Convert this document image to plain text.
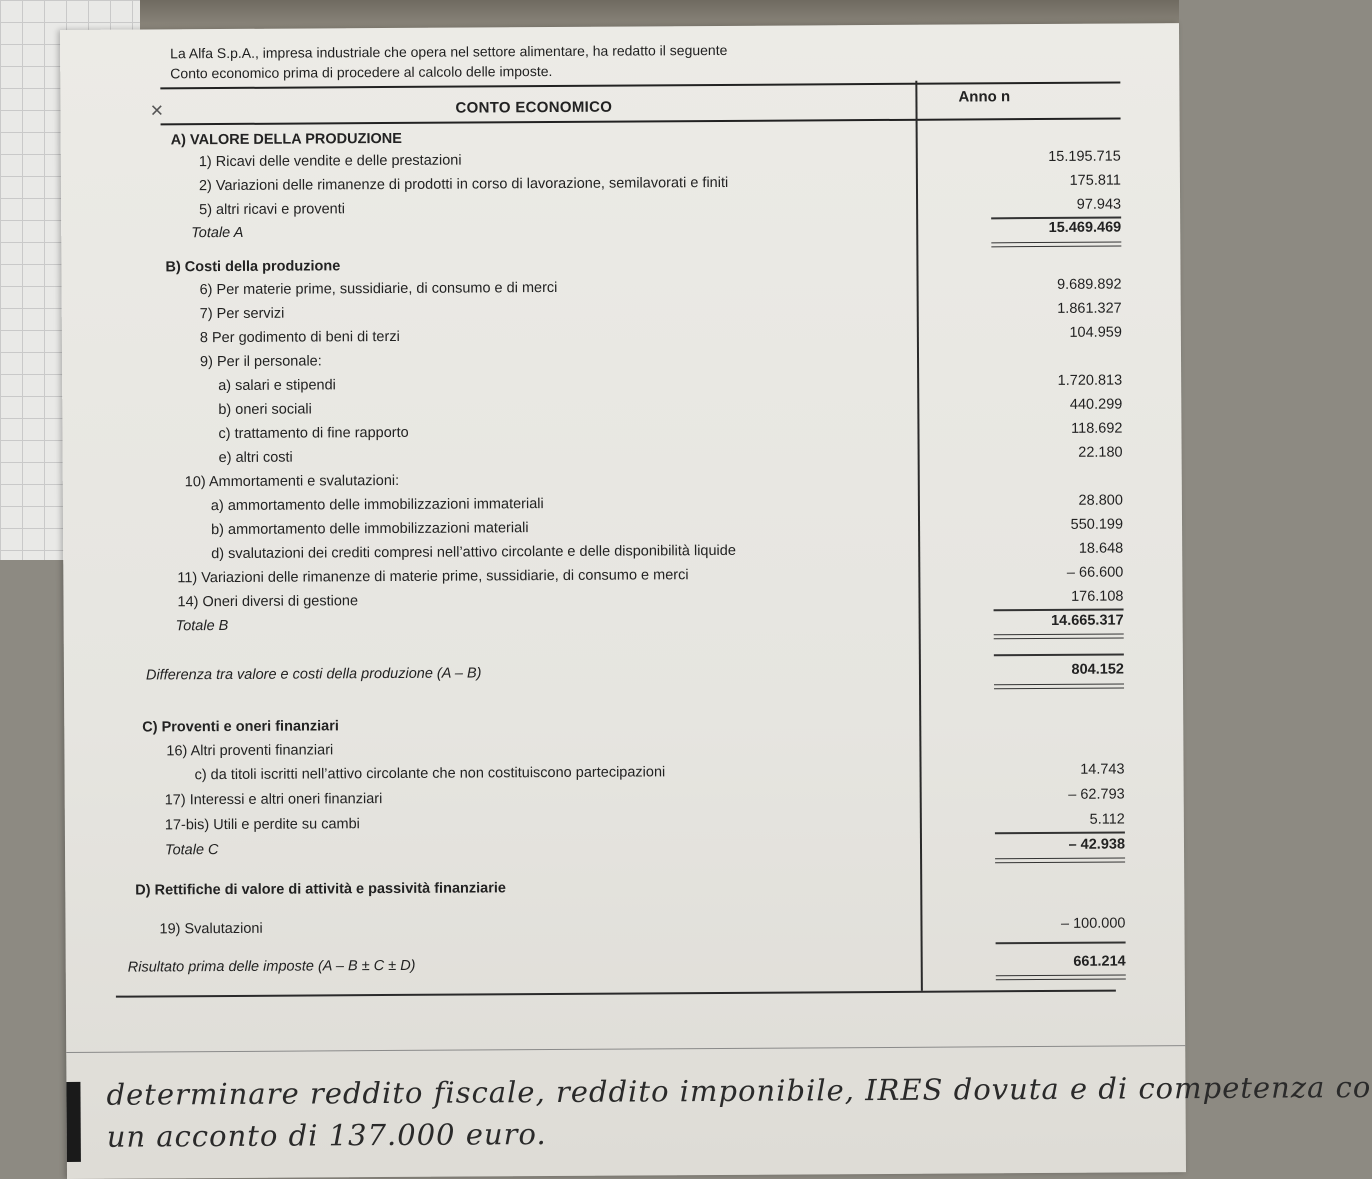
La Alfa S.p.A., impresa industriale che opera nel settore alimentare, ha redatto il seguente
Conto economico prima di procedere al calcolo delle imposte.
×	CONTO ECONOMICO
Anno n
A) VALORE DELLA PRODUZIONE
1) Ricavi delle vendite e delle prestazioni	15.195.715
2) Variazioni delle rimanenze di prodotti in corso di lavorazione, semilavorati e finiti	175.811
5) altri ricavi e proventi	97.943
Totale A	15.469.469
B) Costi della produzione
6) Per materie prime, sussidiarie, di consumo e di merci	9.689.892
7) Per servizi	1.861.327
8 Per godimento di beni di terzi	104.959
9) Per il personale:
a) salari e stipendi	1.720.813
b) oneri sociali	440.299
c) trattamento di fine rapporto	118.692
e) altri costi	22.180
10) Ammortamenti e svalutazioni:
a) ammortamento delle immobilizzazioni immateriali	28.800
b) ammortamento delle immobilizzazioni materiali	550.199
d) svalutazioni dei crediti compresi nell’attivo circolante e delle disponibilità liquide	18.648
11) Variazioni delle rimanenze di materie prime, sussidiarie, di consumo e merci	– 66.600
14) Oneri diversi di gestione	176.108
Totale B	14.665.317
Differenza tra valore e costi della produzione (A – B)	804.152
C) Proventi e oneri finanziari
16) Altri proventi finanziari
c) da titoli iscritti nell’attivo circolante che non costituiscono partecipazioni	14.743
17) Interessi e altri oneri finanziari	– 62.793
17-bis) Utili e perdite su cambi	5.112
Totale C	– 42.938
D) Rettifiche di valore di attività e passività finanziarie
19) Svalutazioni	– 100.000
Risultato prima delle imposte (A – B ± C ± D)	661.214
determinare reddito fiscale, reddito imponibile, IRES dovuta e di competenza co
un acconto di 137.000 euro.
